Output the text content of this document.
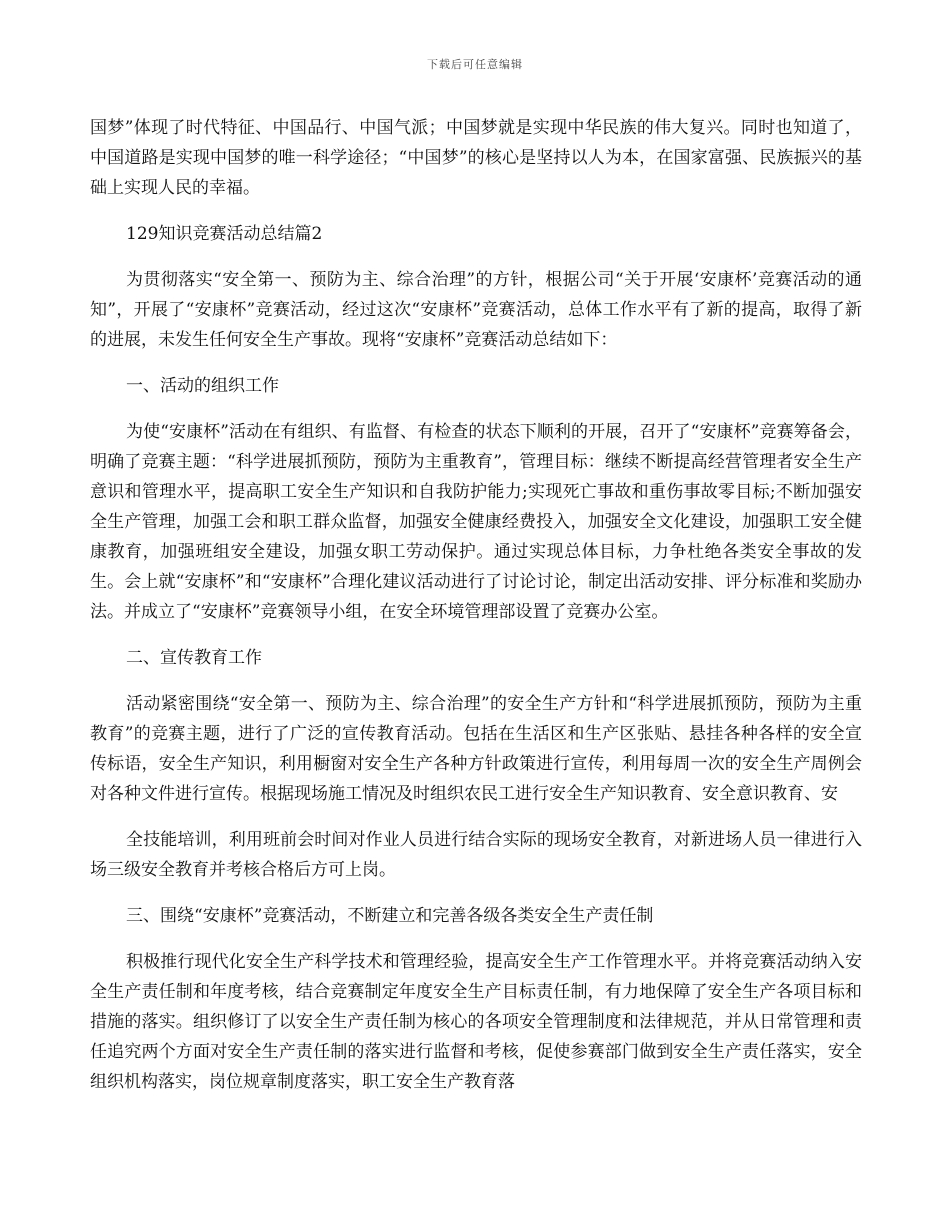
下载后可任意编辑

国梦”体现了时代特征、中国品行、中国气派；中国梦就是实现中华民族的伟大复兴。同时也知道了，中国道路是实现中国梦的唯一科学途径；“中国梦”的核心是坚持以人为本，在国家富强、民族振兴的基础上实现人民的幸福。

129知识竞赛活动总结篇2

为贯彻落实“安全第一、预防为主、综合治理”的方针，根据公司“关于开展‘安康杯’竞赛活动的通知”，开展了“安康杯”竞赛活动，经过这次“安康杯”竞赛活动，总体工作水平有了新的提高，取得了新的进展，未发生任何安全生产事故。现将“安康杯”竞赛活动总结如下：

一、活动的组织工作

为使“安康杯”活动在有组织、有监督、有检查的状态下顺利的开展，召开了“安康杯”竞赛筹备会，明确了竞赛主题：“科学进展抓预防，预防为主重教育”，管理目标：继续不断提高经营管理者安全生产意识和管理水平，提高职工安全生产知识和自我防护能力;实现死亡事故和重伤事故零目标;不断加强安全生产管理，加强工会和职工群众监督，加强安全健康经费投入，加强安全文化建设，加强职工安全健康教育，加强班组安全建设，加强女职工劳动保护。通过实现总体目标，力争杜绝各类安全事故的发生。会上就“安康杯”和“安康杯”合理化建议活动进行了讨论讨论，制定出活动安排、评分标准和奖励办法。并成立了“安康杯”竞赛领导小组，在安全环境管理部设置了竞赛办公室。

二、宣传教育工作

活动紧密围绕“安全第一、预防为主、综合治理”的安全生产方针和“科学进展抓预防，预防为主重教育”的竞赛主题，进行了广泛的宣传教育活动。包括在生活区和生产区张贴、悬挂各种各样的安全宣传标语，安全生产知识，利用橱窗对安全生产各种方针政策进行宣传，利用每周一次的安全生产周例会对各种文件进行宣传。根据现场施工情况及时组织农民工进行安全生产知识教育、安全意识教育、安

全技能培训，利用班前会时间对作业人员进行结合实际的现场安全教育，对新进场人员一律进行入场三级安全教育并考核合格后方可上岗。

三、围绕“安康杯”竞赛活动，不断建立和完善各级各类安全生产责任制

积极推行现代化安全生产科学技术和管理经验，提高安全生产工作管理水平。并将竞赛活动纳入安全生产责任制和年度考核，结合竞赛制定年度安全生产目标责任制，有力地保障了安全生产各项目标和措施的落实。组织修订了以安全生产责任制为核心的各项安全管理制度和法律规范，并从日常管理和责任追究两个方面对安全生产责任制的落实进行监督和考核，促使参赛部门做到安全生产责任落实，安全组织机构落实，岗位规章制度落实，职工安全生产教育落
